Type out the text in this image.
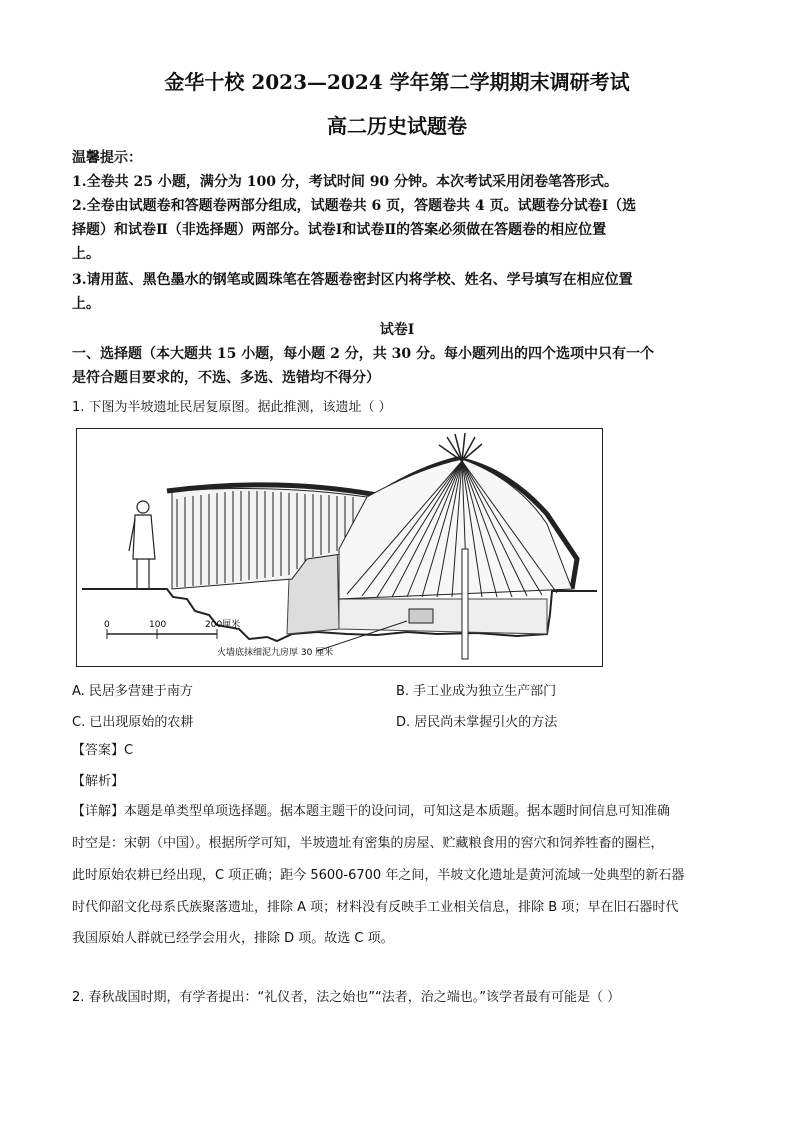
金华十校 2023—2024 学年第二学期期末调研考试
高二历史试题卷
温馨提示：
1.全卷共 25 小题，满分为 100 分，考试时间 90 分钟。本次考试采用闭卷笔答形式。
2.全卷由试题卷和答题卷两部分组成，试题卷共 6 页，答题卷共 4 页。试题卷分试卷Ⅰ（选
择题）和试卷Ⅱ（非选择题）两部分。试卷Ⅰ和试卷Ⅱ的答案必须做在答题卷的相应位置
上。
3.请用蓝、黑色墨水的钢笔或圆珠笔在答题卷密封区内将学校、姓名、学号填写在相应位置
上。
试卷Ⅰ
一、选择题（本大题共 15 小题，每小题 2 分，共 30 分。每小题列出的四个选项中只有一个
是符合题目要求的，不选、多选、选错均不得分）
1. 下图为半坡遗址民居复原图。据此推测，该遗址（ ）
0	100	200厘米
火墙底抹细泥九房厚 30 厘米
A. 民居多营建于南方	B. 手工业成为独立生产部门
C. 已出现原始的农耕	D. 居民尚未掌握引火的方法
【答案】C
【解析】
【详解】本题是单类型单项选择题。据本题主题干的设问词，可知这是本质题。据本题时间信息可知准确
时空是：宋朝（中国）。根据所学可知，半坡遗址有密集的房屋、贮藏粮食用的窖穴和饲养牲畜的圈栏，
此时原始农耕已经出现，C 项正确；距今 5600-6700 年之间，半坡文化遗址是黄河流域一处典型的新石器
时代仰韶文化母系氏族聚落遗址，排除 A 项；材料没有反映手工业相关信息，排除 B 项；早在旧石器时代
我国原始人群就已经学会用火，排除 D 项。故选 C 项。
2. 春秋战国时期，有学者提出：“礼仪者，法之始也”“法者，治之端也。”该学者最有可能是（ ）
